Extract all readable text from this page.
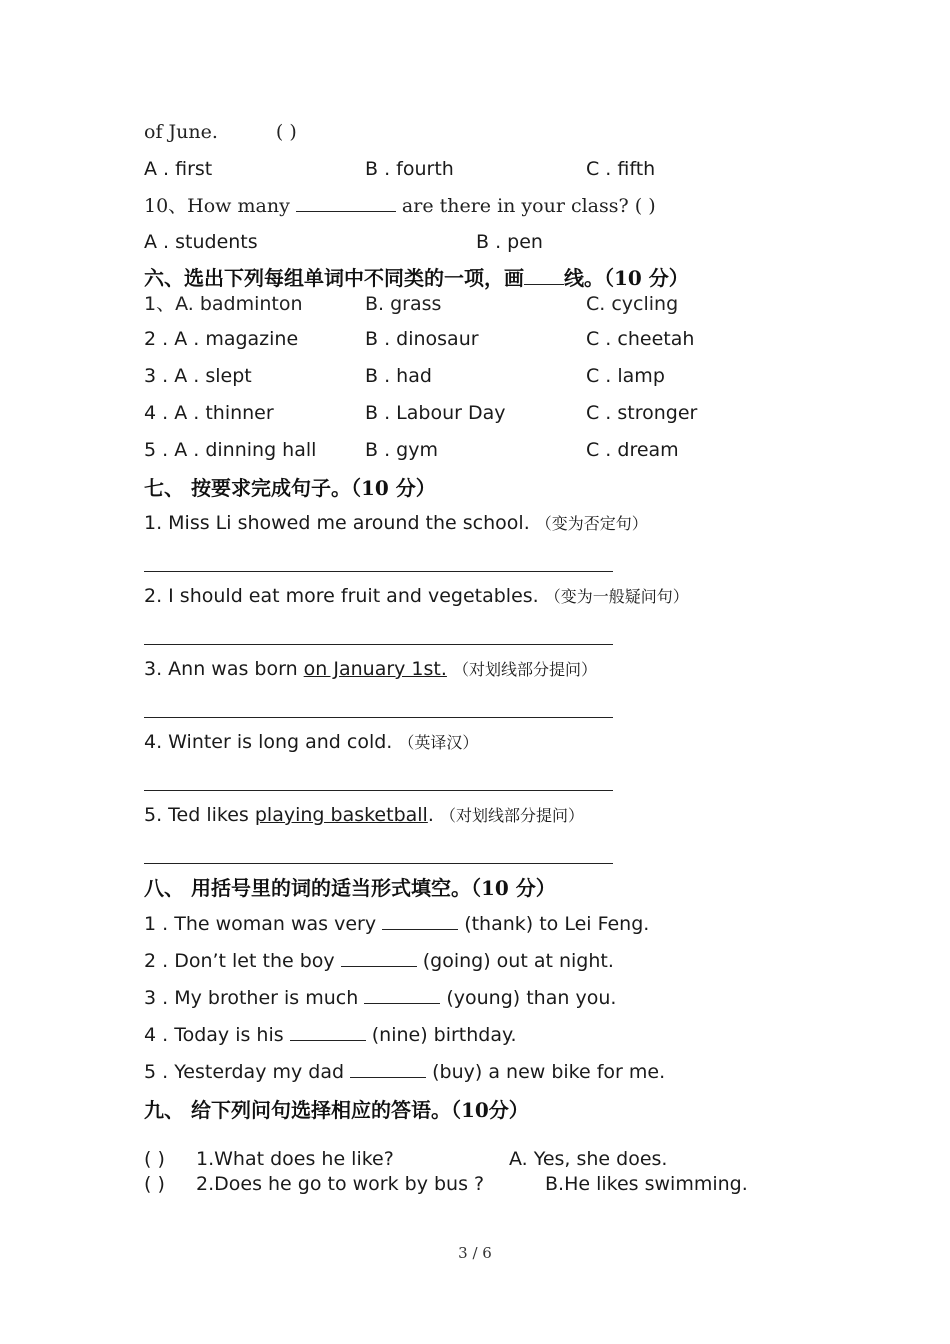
of June.	( )
A . first	B . fourth	C . fifth
10、How many	are there in your class? ( )
A . students	B . pen
六、选出下列每组单词中不同类的一项，画 线。（10 分）
1、A. badminton	B. grass	C. cycling
2 . A . magazine	B . dinosaur	C . cheetah
3 . A . slept	B . had	C . lamp
4 . A . thinner	B . Labour Day	C . stronger
5 . A . dinning hall	B . gym	C . dream
七、 按要求完成句子。（10 分）
1. Miss Li showed me around the school. （变为否定句）
2. I should eat more fruit and vegetables. （变为一般疑问句）
3. Ann was born on January 1st. （对划线部分提问）
4. Winter is long and cold. （英译汉）
5. Ted likes playing basketball. （对划线部分提问）
八、 用括号里的词的适当形式填空。（10 分）
1 . The woman was very	(thank) to Lei Feng.
2 . Don’t let the boy	(going) out at night.
3 . My brother is much	(young) than you.
4 . Today is his	(nine) birthday.
5 . Yesterday my dad	(buy) a new bike for me.
九、 给下列问句选择相应的答语。（10分）
( ) 1.What does he like?	A. Yes, she does.
( ) 2.Does he go to work by bus ?	B.He likes swimming.
3 / 6
